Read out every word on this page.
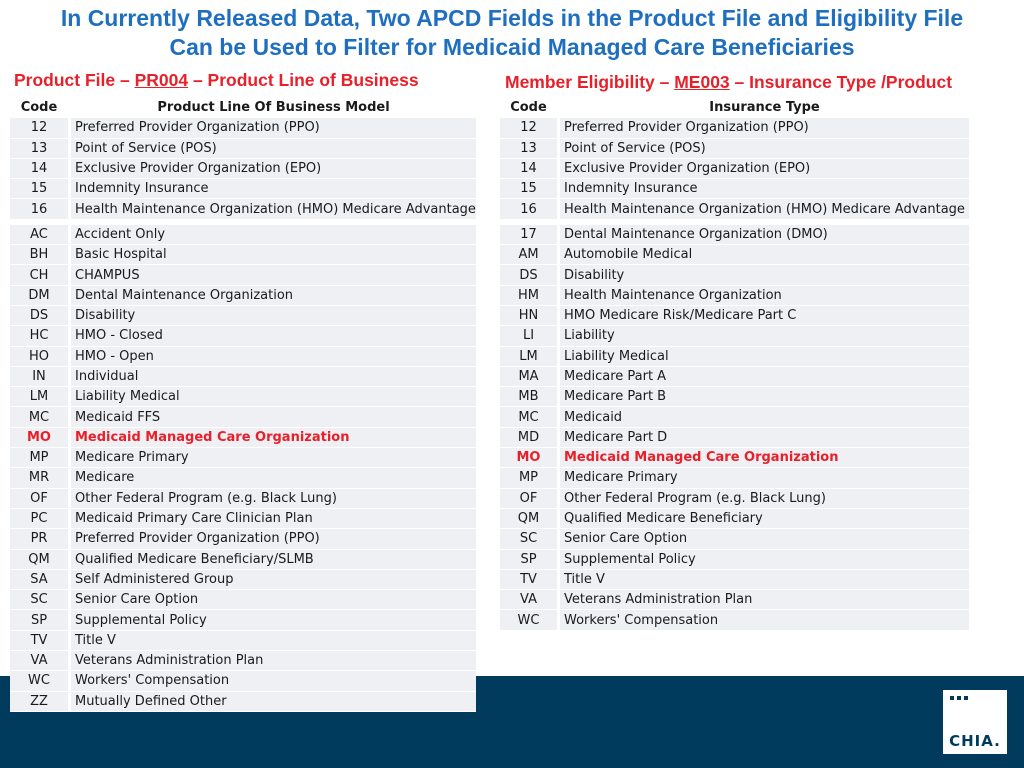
In Currently Released Data, Two APCD Fields in the Product File and Eligibility File
Can be Used to Filter for Medicaid Managed Care Beneficiaries
Product File – PR004 – Product Line of Business	Member Eligibility – ME003 – Insurance Type /Product
Code	Product Line Of Business Model
12	Preferred Provider Organization (PPO)
13	Point of Service (POS)
14	Exclusive Provider Organization (EPO)
15	Indemnity Insurance
16	Health Maintenance Organization (HMO) Medicare Advantage
AC	Accident Only
BH	Basic Hospital
CH	CHAMPUS
DM	Dental Maintenance Organization
DS	Disability
HC	HMO - Closed
HO	HMO - Open
IN	Individual
LM	Liability Medical
MC	Medicaid FFS
MO	Medicaid Managed Care Organization
MP	Medicare Primary
MR	Medicare
OF	Other Federal Program (e.g. Black Lung)
PC	Medicaid Primary Care Clinician Plan
PR	Preferred Provider Organization (PPO)
QM	Qualified Medicare Beneficiary/SLMB
SA	Self Administered Group
SC	Senior Care Option
SP	Supplemental Policy
TV	Title V
VA	Veterans Administration Plan
WC	Workers' Compensation
ZZ	Mutually Defined Other
Code	Insurance Type
12	Preferred Provider Organization (PPO)
13	Point of Service (POS)
14	Exclusive Provider Organization (EPO)
15	Indemnity Insurance
16	Health Maintenance Organization (HMO) Medicare Advantage
17	Dental Maintenance Organization (DMO)
AM	Automobile Medical
DS	Disability
HM	Health Maintenance Organization
HN	HMO Medicare Risk/Medicare Part C
LI	Liability
LM	Liability Medical
MA	Medicare Part A
MB	Medicare Part B
MC	Medicaid
MD	Medicare Part D
MO	Medicaid Managed Care Organization
MP	Medicare Primary
OF	Other Federal Program (e.g. Black Lung)
QM	Qualified Medicare Beneficiary
SC	Senior Care Option
SP	Supplemental Policy
TV	Title V
VA	Veterans Administration Plan
WC	Workers' Compensation
CHIA.
